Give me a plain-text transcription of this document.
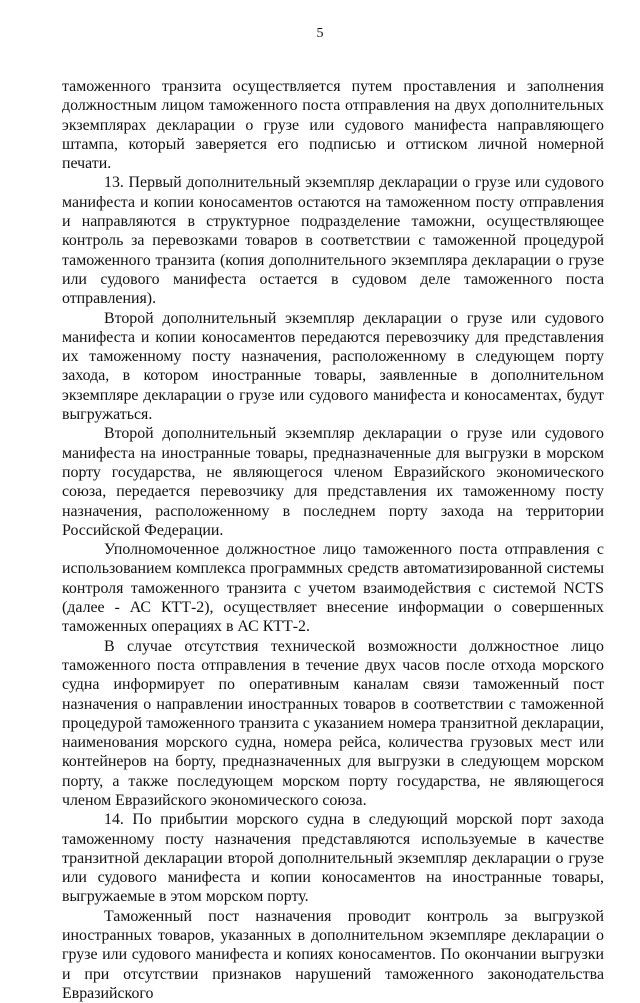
5

таможенного транзита осуществляется путем проставления и заполнения должностным лицом таможенного поста отправления на двух дополнительных экземплярах декларации о грузе или судового манифеста направляющего штампа, который заверяется его подписью и оттиском личной номерной печати.

13. Первый дополнительный экземпляр декларации о грузе или судового манифеста и копии коносаментов остаются на таможенном посту отправления и направляются в структурное подразделение таможни, осуществляющее контроль за перевозками товаров в соответствии с таможенной процедурой таможенного транзита (копия дополнительного экземпляра декларации о грузе или судового манифеста остается в судовом деле таможенного поста отправления).

Второй дополнительный экземпляр декларации о грузе или судового манифеста и копии коносаментов передаются перевозчику для представления их таможенному посту назначения, расположенному в следующем порту захода, в котором иностранные товары, заявленные в дополнительном экземпляре декларации о грузе или судового манифеста и коносаментах, будут выгружаться.

Второй дополнительный экземпляр декларации о грузе или судового манифеста на иностранные товары, предназначенные для выгрузки в морском порту государства, не являющегося членом Евразийского экономического союза, передается перевозчику для представления их таможенному посту назначения, расположенному в последнем порту захода на территории Российской Федерации.

Уполномоченное должностное лицо таможенного поста отправления с использованием комплекса программных средств автоматизированной системы контроля таможенного транзита с учетом взаимодействия с системой NCTS (далее - АС КТТ-2), осуществляет внесение информации о совершенных таможенных операциях в АС КТТ-2.

В случае отсутствия технической возможности должностное лицо таможенного поста отправления в течение двух часов после отхода морского судна информирует по оперативным каналам связи таможенный пост назначения о направлении иностранных товаров в соответствии с таможенной процедурой таможенного транзита с указанием номера транзитной декларации, наименования морского судна, номера рейса, количества грузовых мест или контейнеров на борту, предназначенных для выгрузки в следующем морском порту, а также последующем морском порту государства, не являющегося членом Евразийского экономического союза.

14. По прибытии морского судна в следующий морской порт захода таможенному посту назначения представляются используемые в качестве транзитной декларации второй дополнительный экземпляр декларации о грузе или судового манифеста и копии коносаментов на иностранные товары, выгружаемые в этом морском порту.

Таможенный пост назначения проводит контроль за выгрузкой иностранных товаров, указанных в дополнительном экземпляре декларации о грузе или судового манифеста и копиях коносаментов. По окончании выгрузки и при отсутствии признаков нарушений таможенного законодательства Евразийского
